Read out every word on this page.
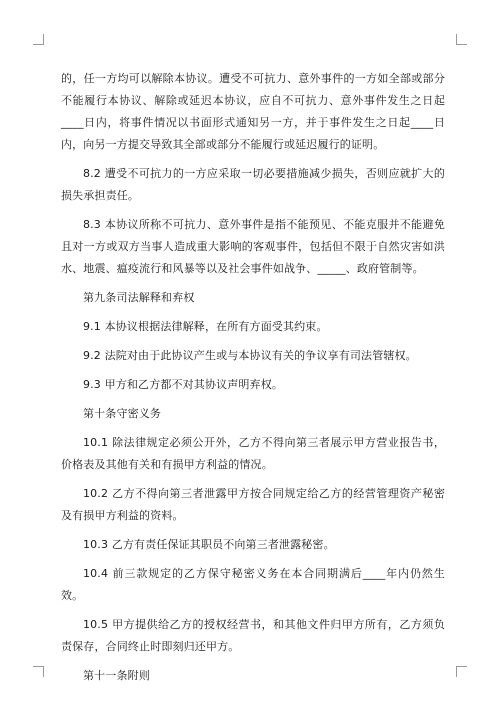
的，任一方均可以解除本协议。遭受不可抗力、意外事件的一方如全部或部分不能履行本协议、解除或延迟本协议，应自不可抗力、意外事件发生之日起____日内，将事件情况以书面形式通知另一方，并于事件发生之日起____日内，向另一方提交导致其全部或部分不能履行或延迟履行的证明。

8.2 遭受不可抗力的一方应采取一切必要措施减少损失，否则应就扩大的损失承担责任。

8.3 本协议所称不可抗力、意外事件是指不能预见、不能克服并不能避免且对一方或双方当事人造成重大影响的客观事件，包括但不限于自然灾害如洪水、地震、瘟疫流行和风暴等以及社会事件如战争、_____、政府管制等。

第九条司法解释和弃权

9.1 本协议根据法律解释，在所有方面受其约束。

9.2 法院对由于此协议产生或与本协议有关的争议享有司法管辖权。

9.3 甲方和乙方都不对其协议声明弃权。

第十条守密义务

10.1 除法律规定必须公开外，乙方不得向第三者展示甲方营业报告书，价格表及其他有关和有损甲方利益的情况。

10.2 乙方不得向第三者泄露甲方按合同规定给乙方的经营管理资产秘密及有损甲方利益的资料。

10.3 乙方有责任保证其职员不向第三者泄露秘密。

10.4 前三款规定的乙方保守秘密义务在本合同期满后____年内仍然生效。

10.5 甲方提供给乙方的授权经营书，和其他文件归甲方所有，乙方须负责保存，合同终止时即刻归还甲方。

第十一条附则
